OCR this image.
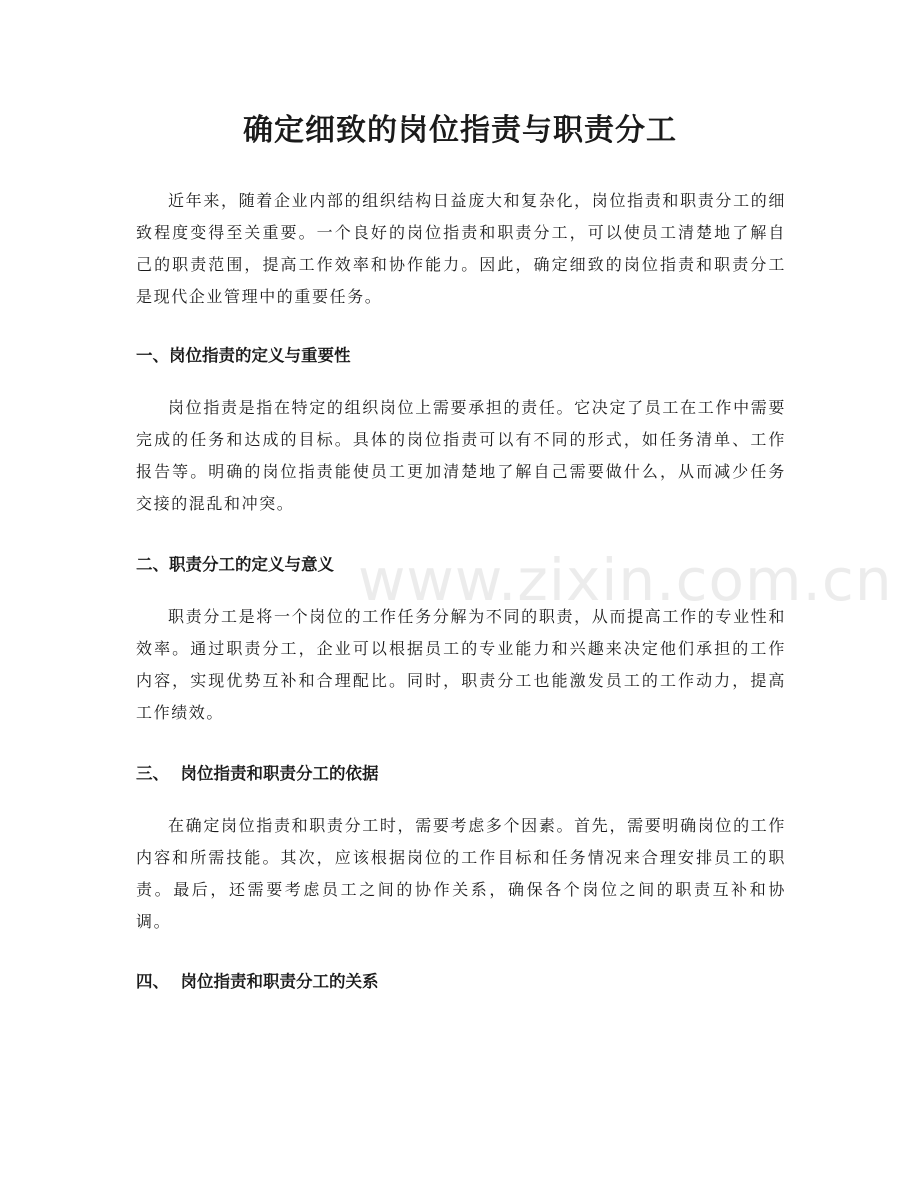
确定细致的岗位指责与职责分工

近年来，随着企业内部的组织结构日益庞大和复杂化，岗位指责和职责分工的细致程度变得至关重要。一个良好的岗位指责和职责分工，可以使员工清楚地了解自己的职责范围，提高工作效率和协作能力。因此，确定细致的岗位指责和职责分工是现代企业管理中的重要任务。

一、岗位指责的定义与重要性

岗位指责是指在特定的组织岗位上需要承担的责任。它决定了员工在工作中需要完成的任务和达成的目标。具体的岗位指责可以有不同的形式，如任务清单、工作报告等。明确的岗位指责能使员工更加清楚地了解自己需要做什么，从而减少任务交接的混乱和冲突。

二、职责分工的定义与意义

职责分工是将一个岗位的工作任务分解为不同的职责，从而提高工作的专业性和效率。通过职责分工，企业可以根据员工的专业能力和兴趣来决定他们承担的工作内容，实现优势互补和合理配比。同时，职责分工也能激发员工的工作动力，提高工作绩效。

三、  岗位指责和职责分工的依据

在确定岗位指责和职责分工时，需要考虑多个因素。首先，需要明确岗位的工作内容和所需技能。其次，应该根据岗位的工作目标和任务情况来合理安排员工的职责。最后，还需要考虑员工之间的协作关系，确保各个岗位之间的职责互补和协调。

四、  岗位指责和职责分工的关系
www.zixin.com.cn
